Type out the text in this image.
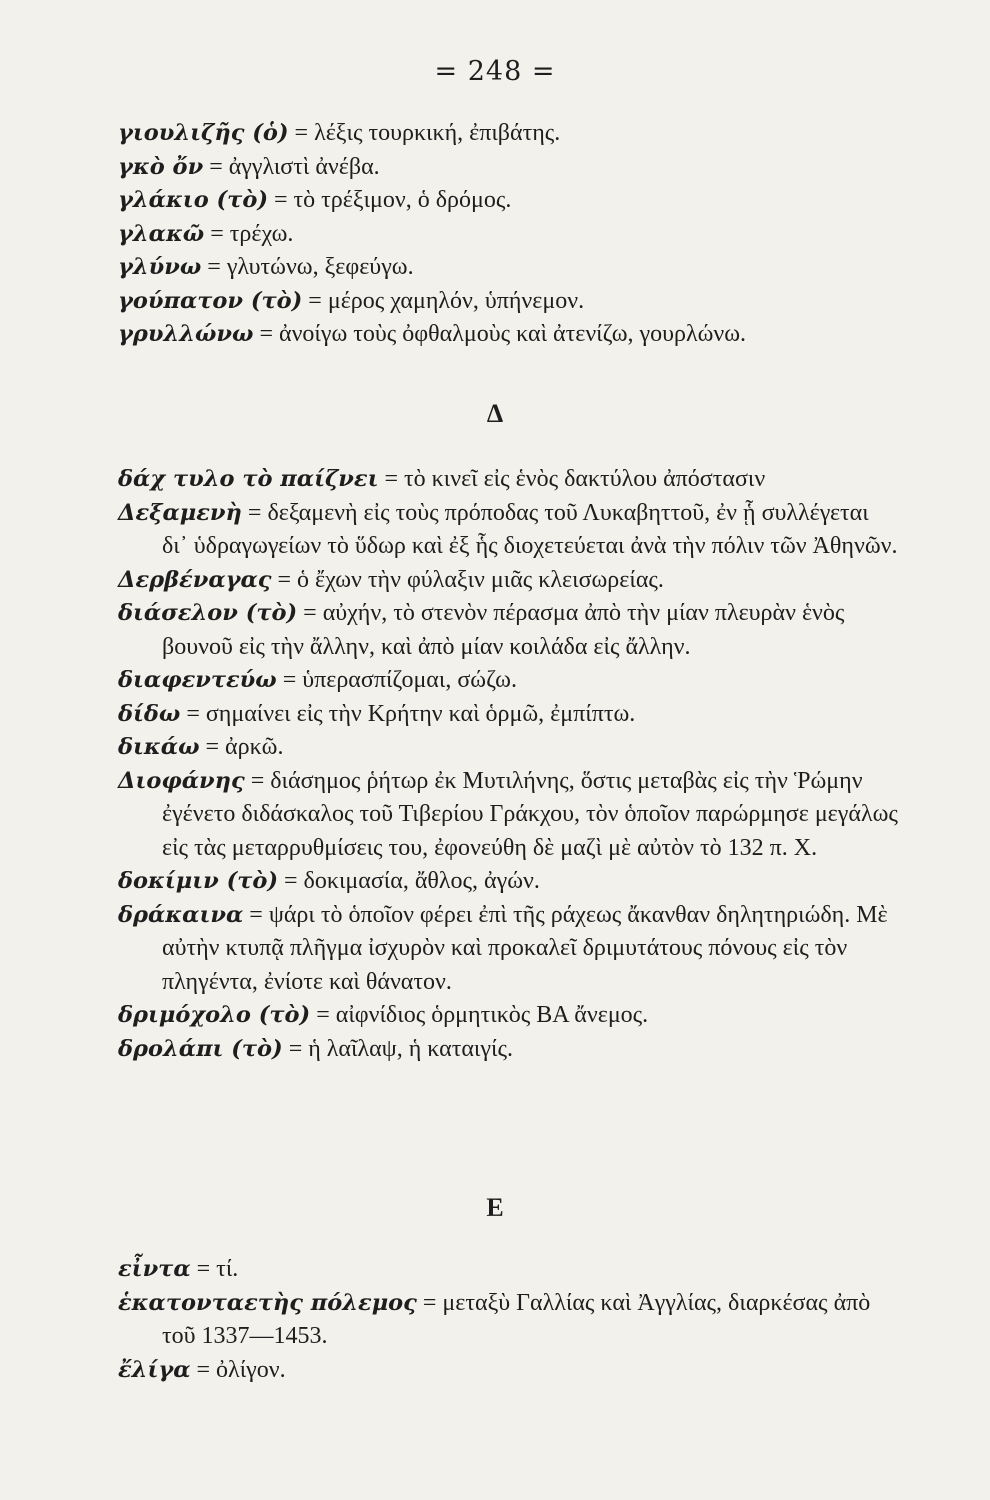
= 248 =

γιουλιζῆς (ὁ) = λέξις τουρκική, ἐπιβάτης.

γκὸ ὄν = ἀγγλιστὶ ἀνέβα.

γλάκιο (τὸ) = τὸ τρέξιμον, ὁ δρόμος.

γλακῶ = τρέχω.

γλύνω = γλυτώνω, ξεφεύγω.

γούπατον (τὸ) = μέρος χαμηλόν, ὑπήνεμον.

γρυλλώνω = ἀνοίγω τοὺς ὀφθαλμοὺς καὶ ἀτενίζω, γουρλώνω.

Δ

δάχ τυλο τὸ παίζνει = τὸ κινεῖ εἰς ἑνὸς δακτύλου ἀπόστασιν

Δεξαμενὴ = δεξαμενὴ εἰς τοὺς πρόποδας τοῦ Λυκαβηττοῦ, ἐν ᾗ συλλέγεται δι᾿ ὑδραγωγείων τὸ ὕδωρ καὶ ἐξ ἧς διοχετεύεται ἀνὰ τὴν πόλιν τῶν Ἀθηνῶν.

Δερβέναγας = ὁ ἔχων τὴν φύλαξιν μιᾶς κλεισωρείας.

διάσελον (τὸ) = αὐχήν, τὸ στενὸν πέρασμα ἀπὸ τὴν μίαν πλευρὰν ἑνὸς βουνοῦ εἰς τὴν ἄλλην, καὶ ἀπὸ μίαν κοιλάδα εἰς ἄλλην.

διαφεντεύω = ὑπερασπίζομαι, σώζω.

δίδω = σημαίνει εἰς τὴν Κρήτην καὶ ὁρμῶ, ἐμπίπτω.

δικάω = ἀρκῶ.

Διοφάνης = διάσημος ῥήτωρ ἐκ Μυτιλήνης, ὅστις μεταβὰς εἰς τὴν Ῥώμην ἐγένετο διδάσκαλος τοῦ Τιβερίου Γράκχου, τὸν ὁποῖον παρώρμησε μεγάλως εἰς τὰς μεταρρυθμίσεις του, ἐφονεύθη δὲ μαζὶ μὲ αὐτὸν τὸ 132 π. Χ.

δοκίμιν (τὸ) = δοκιμασία, ἄθλος, ἀγών.

δράκαινα = ψάρι τὸ ὁποῖον φέρει ἐπὶ τῆς ράχεως ἄκανθαν δηλητηριώδη. Μὲ αὐτὴν κτυπᾷ πλῆγμα ἰσχυρὸν καὶ προκαλεῖ δριμυτάτους πόνους εἰς τὸν πληγέντα, ἐνίοτε καὶ θάνατον.

δριμόχολο (τὸ) = αἰφνίδιος ὁρμητικὸς ΒΑ ἄνεμος.

δρολάπι (τὸ) = ἡ λαῖλαψ, ἡ καταιγίς.

Ε

εἶντα = τί.

ἑκατονταετὴς πόλεμος = μεταξὺ Γαλλίας καὶ Ἀγγλίας, διαρκέσας ἀπὸ τοῦ 1337—1453.

ἔλίγα = ὀλίγον.
